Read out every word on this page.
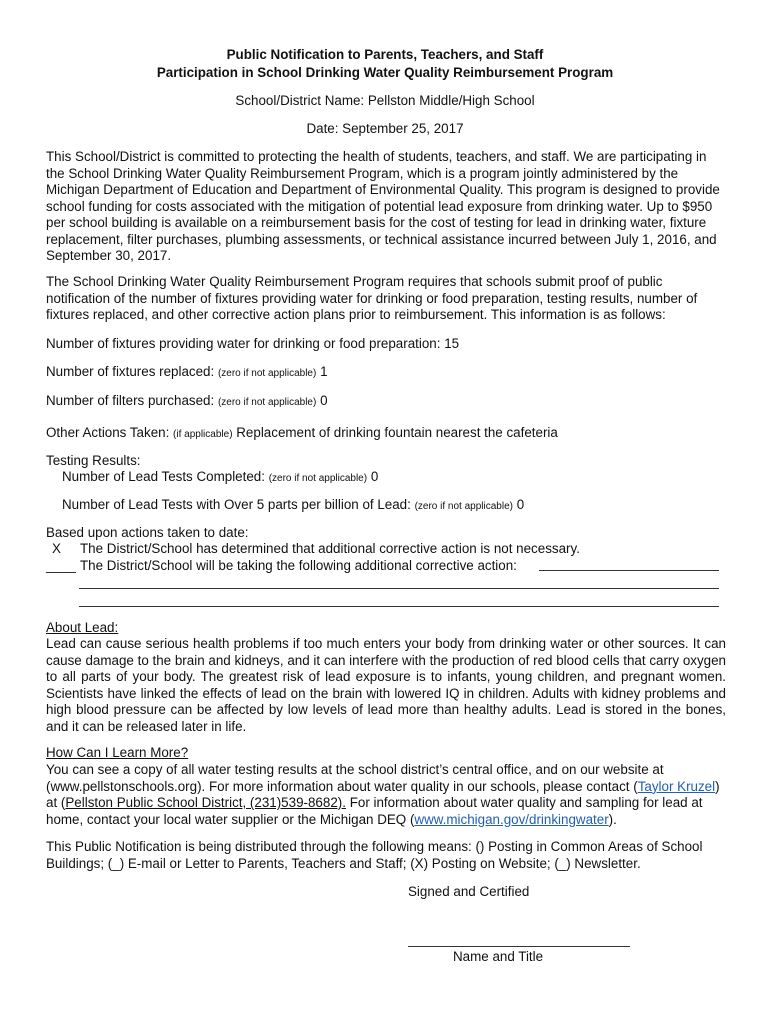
Public Notification to Parents, Teachers, and Staff
Participation in School Drinking Water Quality Reimbursement Program
School/District Name: Pellston Middle/High School
Date: September 25, 2017
This School/District is committed to protecting the health of students, teachers, and staff. We are participating in the School Drinking Water Quality Reimbursement Program, which is a program jointly administered by the Michigan Department of Education and Department of Environmental Quality. This program is designed to provide school funding for costs associated with the mitigation of potential lead exposure from drinking water. Up to $950 per school building is available on a reimbursement basis for the cost of testing for lead in drinking water, fixture replacement, filter purchases, plumbing assessments, or technical assistance incurred between July 1, 2016, and September 30, 2017.
The School Drinking Water Quality Reimbursement Program requires that schools submit proof of public notification of the number of fixtures providing water for drinking or food preparation, testing results, number of fixtures replaced, and other corrective action plans prior to reimbursement. This information is as follows:
Number of fixtures providing water for drinking or food preparation: 15
Number of fixtures replaced: (zero if not applicable) 1
Number of filters purchased: (zero if not applicable) 0
Other Actions Taken: (if applicable) Replacement of drinking fountain nearest the cafeteria
Testing Results:
Number of Lead Tests Completed: (zero if not applicable) 0
Number of Lead Tests with Over 5 parts per billion of Lead: (zero if not applicable) 0
Based upon actions taken to date:
X The District/School has determined that additional corrective action is not necessary.
____ The District/School will be taking the following additional corrective action:
About Lead:
Lead can cause serious health problems if too much enters your body from drinking water or other sources. It can cause damage to the brain and kidneys, and it can interfere with the production of red blood cells that carry oxygen to all parts of your body. The greatest risk of lead exposure is to infants, young children, and pregnant women. Scientists have linked the effects of lead on the brain with lowered IQ in children. Adults with kidney problems and high blood pressure can be affected by low levels of lead more than healthy adults. Lead is stored in the bones, and it can be released later in life.
How Can I Learn More?
You can see a copy of all water testing results at the school district’s central office, and on our website at (www.pellstonschools.org). For more information about water quality in our schools, please contact (Taylor Kruzel) at (Pellston Public School District, (231)539-8682). For information about water quality and sampling for lead at home, contact your local water supplier or the Michigan DEQ (www.michigan.gov/drinkingwater).
This Public Notification is being distributed through the following means: () Posting in Common Areas of School Buildings; (_) E-mail or Letter to Parents, Teachers and Staff; (X) Posting on Website; (_) Newsletter.
Signed and Certified
Name and Title
